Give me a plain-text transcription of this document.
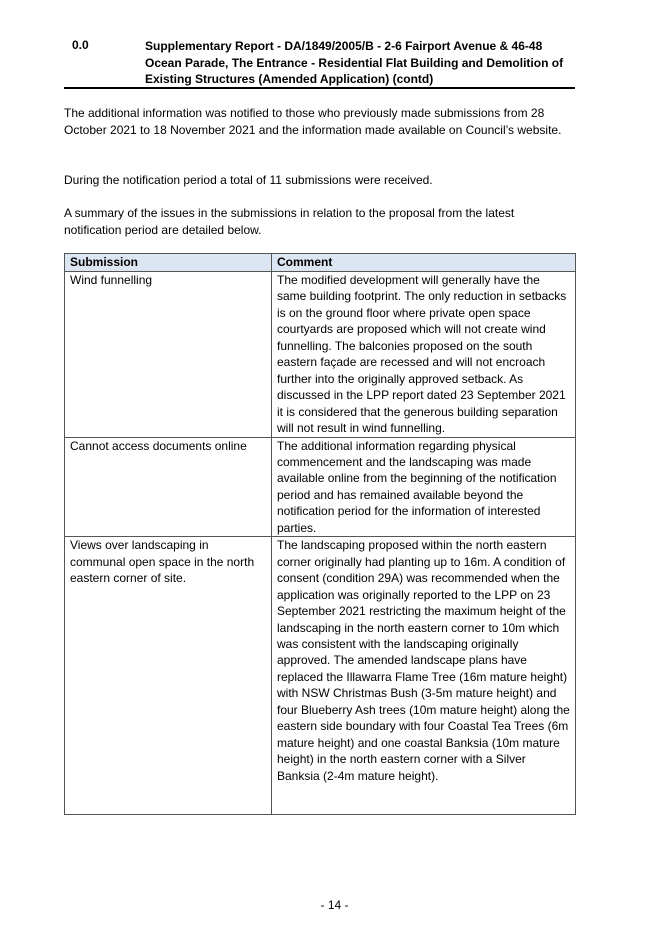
0.0	Supplementary Report - DA/1849/2005/B - 2-6 Fairport Avenue & 46-48 Ocean Parade, The Entrance - Residential Flat Building and Demolition of Existing Structures (Amended Application) (contd)

The additional information was notified to those who previously made submissions from 28 October 2021 to 18 November 2021 and the information made available on Council’s website.

During the notification period a total of 11 submissions were received.

A summary of the issues in the submissions in relation to the proposal from the latest notification period are detailed below.

Submission	Comment
Wind funnelling	The modified development will generally have the same building footprint. The only reduction in setbacks is on the ground floor where private open space courtyards are proposed which will not create wind funnelling. The balconies proposed on the south eastern façade are recessed and will not encroach further into the originally approved setback. As discussed in the LPP report dated 23 September 2021 it is considered that the generous building separation will not result in wind funnelling.
Cannot access documents online	The additional information regarding physical commencement and the landscaping was made available online from the beginning of the notification period and has remained available beyond the notification period for the information of interested parties.
Views over landscaping in communal open space in the north eastern corner of site.	The landscaping proposed within the north eastern corner originally had planting up to 16m. A condition of consent (condition 29A) was recommended when the application was originally reported to the LPP on 23 September 2021 restricting the maximum height of the landscaping in the north eastern corner to 10m which was consistent with the landscaping originally approved. The amended landscape plans have replaced the Illawarra Flame Tree (16m mature height) with NSW Christmas Bush (3-5m mature height) and four Blueberry Ash trees (10m mature height) along the eastern side boundary with four Coastal Tea Trees (6m mature height) and one coastal Banksia (10m mature height) in the north eastern corner with a Silver Banksia (2-4m mature height).
- 14 -
